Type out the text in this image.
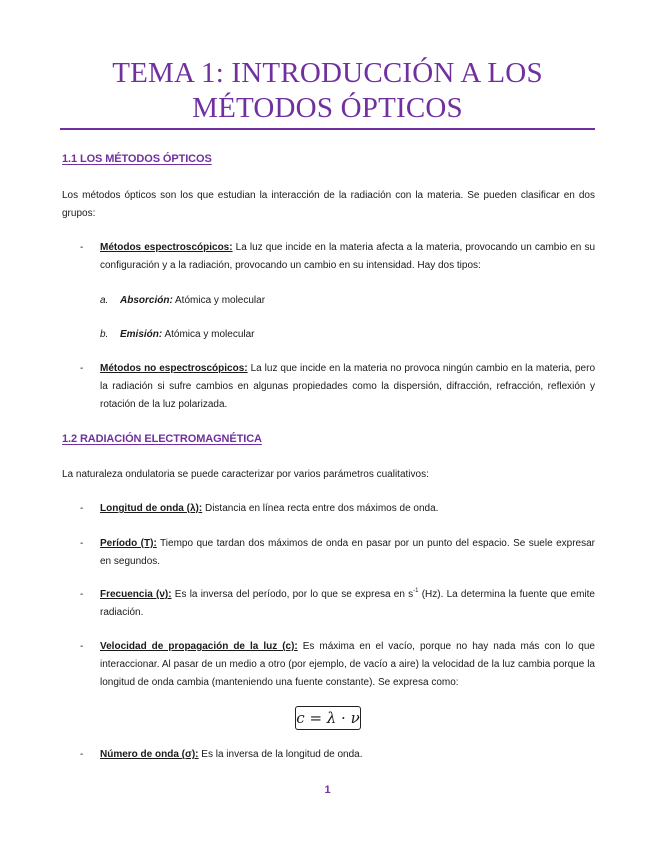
TEMA 1: INTRODUCCIÓN A LOS
MÉTODOS ÓPTICOS
1.1 LOS MÉTODOS ÓPTICOS
Los métodos ópticos son los que estudian la interacción de la radiación con la materia. Se pueden clasificar en dos grupos:
- Métodos espectroscópicos: La luz que incide en la materia afecta a la materia, provocando un cambio en su configuración y a la radiación, provocando un cambio en su intensidad. Hay dos tipos:
a. Absorción: Atómica y molecular
b. Emisión: Atómica y molecular
- Métodos no espectroscópicos: La luz que incide en la materia no provoca ningún cambio en la materia, pero la radiación si sufre cambios en algunas propiedades como la dispersión, difracción, refracción, reflexión y rotación de la luz polarizada.
1.2 RADIACIÓN ELECTROMAGNÉTICA
La naturaleza ondulatoria se puede caracterizar por varios parámetros cualitativos:
- Longitud de onda (λ): Distancia en línea recta entre dos máximos de onda.
- Período (T): Tiempo que tardan dos máximos de onda en pasar por un punto del espacio. Se suele expresar en segundos.
- Frecuencia (ν): Es la inversa del período, por lo que se expresa en $s^{-1}$ (Hz). La determina la fuente que emite radiación.
- Velocidad de propagación de la luz (c): Es máxima en el vacío, porque no hay nada más con lo que interaccionar. Al pasar de un medio a otro (por ejemplo, de vacío a aire) la velocidad de la luz cambia porque la longitud de onda cambia (manteniendo una fuente constante). Se expresa como:
c = λ · ν
- Número de onda (σ): Es la inversa de la longitud de onda.
1
